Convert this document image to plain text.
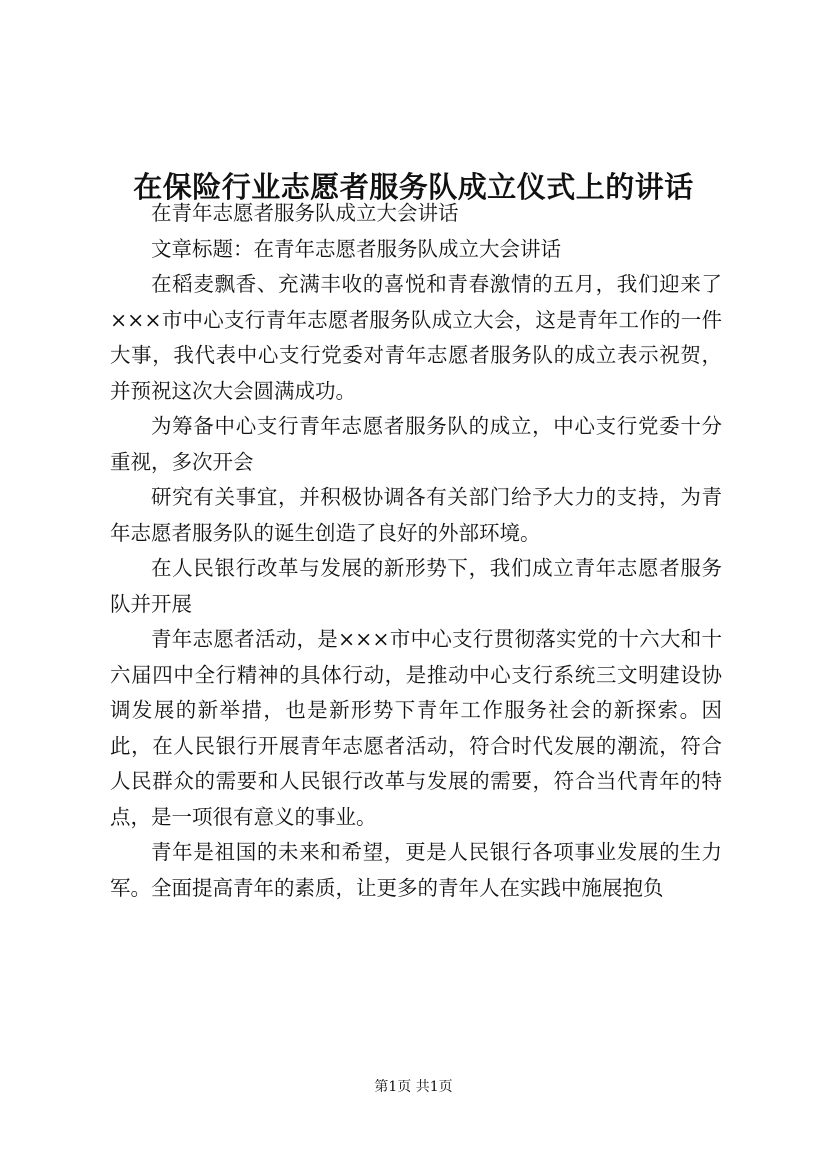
在保险行业志愿者服务队成立仪式上的讲话

在青年志愿者服务队成立大会讲话

文章标题：在青年志愿者服务队成立大会讲话

在稻麦飘香、充满丰收的喜悦和青春激情的五月，我们迎来了×××市中心支行青年志愿者服务队成立大会，这是青年工作的一件大事，我代表中心支行党委对青年志愿者服务队的成立表示祝贺，并预祝这次大会圆满成功。

为筹备中心支行青年志愿者服务队的成立，中心支行党委十分重视，多次开会

研究有关事宜，并积极协调各有关部门给予大力的支持，为青年志愿者服务队的诞生创造了良好的外部环境。

在人民银行改革与发展的新形势下，我们成立青年志愿者服务队并开展

青年志愿者活动，是×××市中心支行贯彻落实党的十六大和十六届四中全行精神的具体行动，是推动中心支行系统三文明建设协调发展的新举措，也是新形势下青年工作服务社会的新探索。因此，在人民银行开展青年志愿者活动，符合时代发展的潮流，符合人民群众的需要和人民银行改革与发展的需要，符合当代青年的特点，是一项很有意义的事业。

青年是祖国的未来和希望，更是人民银行各项事业发展的生力军。全面提高青年的素质，让更多的青年人在实践中施展抱负

第1页 共1页
